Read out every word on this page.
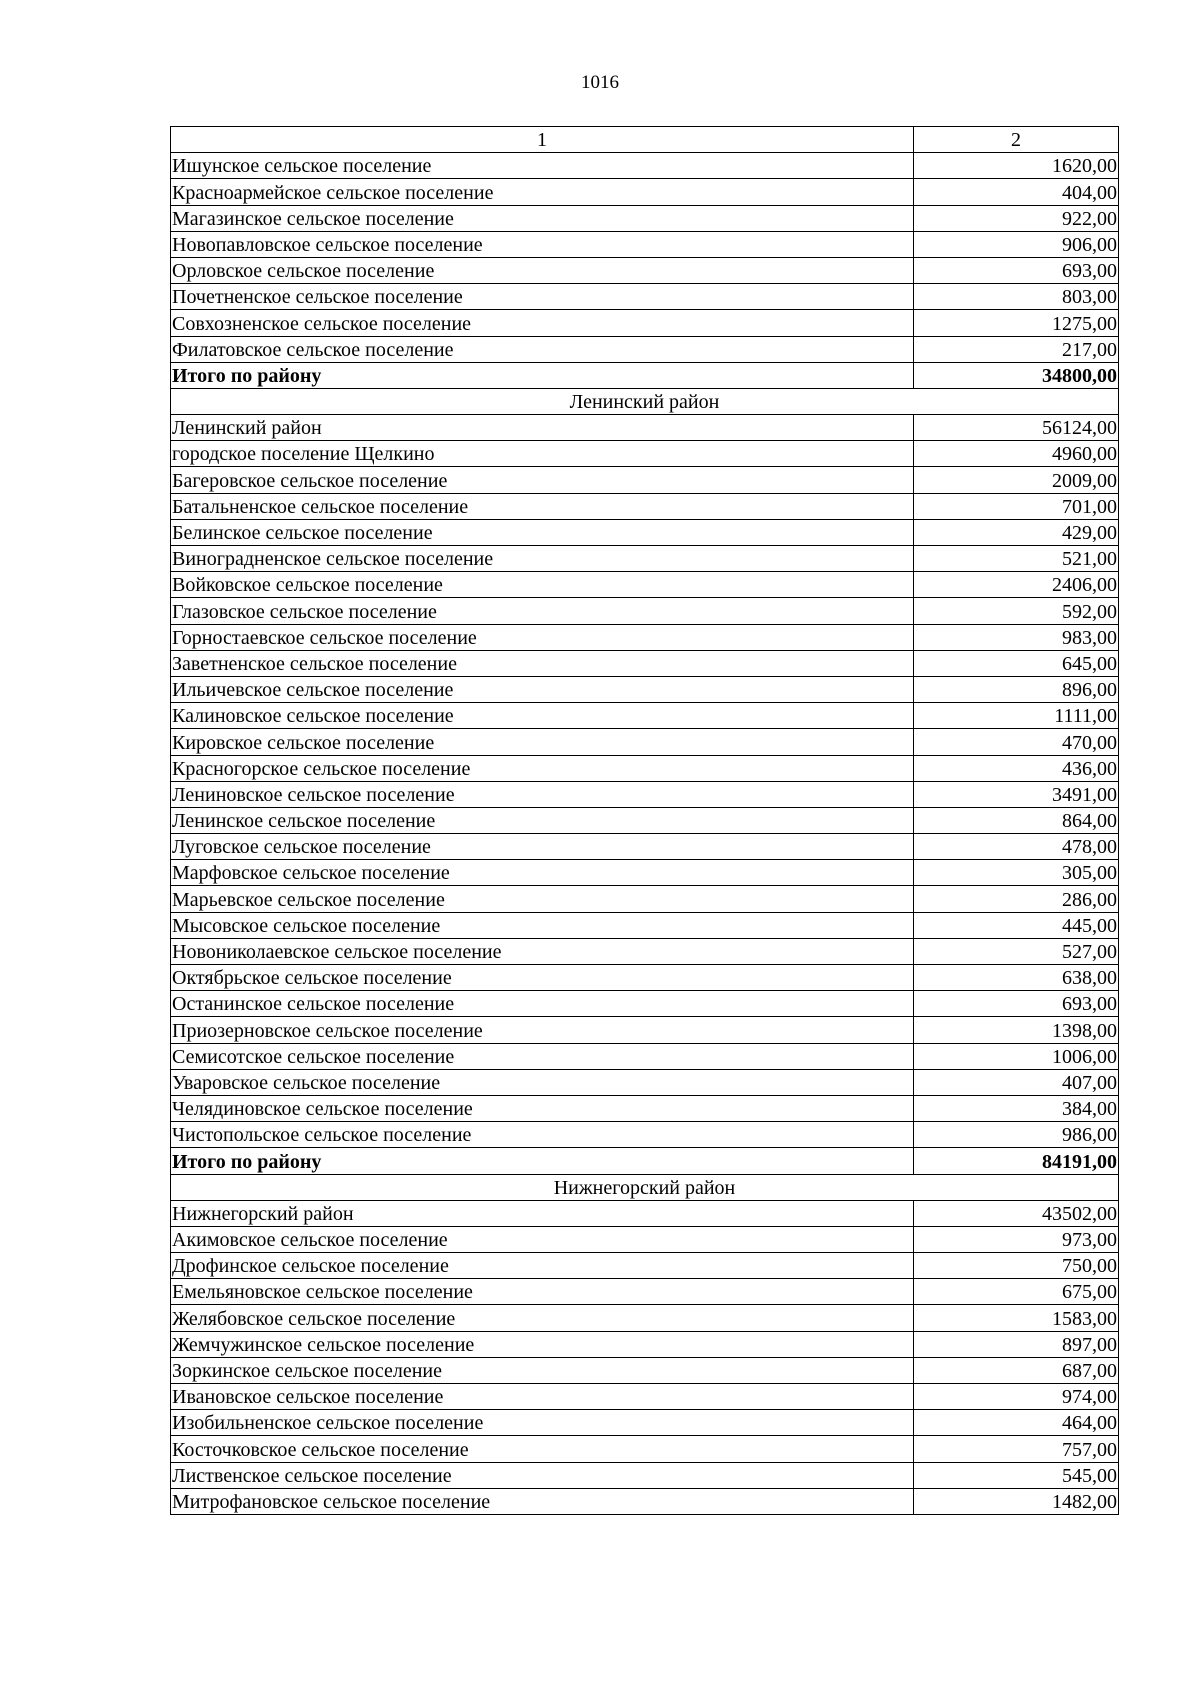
1016
1	2
Ишунское сельское поселение	1620,00
Красноармейское сельское поселение	404,00
Магазинское сельское поселение	922,00
Новопавловское сельское поселение	906,00
Орловское сельское поселение	693,00
Почетненское сельское поселение	803,00
Совхозненское сельское поселение	1275,00
Филатовское сельское поселение	217,00
Итого по району	34800,00
Ленинский район	
Ленинский район	56124,00
городское поселение Щелкино	4960,00
Багеровское сельское поселение	2009,00
Батальненское сельское поселение	701,00
Белинское сельское поселение	429,00
Виноградненское сельское поселение	521,00
Войковское сельское поселение	2406,00
Глазовское сельское поселение	592,00
Горностаевское сельское поселение	983,00
Заветненское сельское поселение	645,00
Ильичевское сельское поселение	896,00
Калиновское сельское поселение	1111,00
Кировское сельское поселение	470,00
Красногорское сельское поселение	436,00
Лениновское сельское поселение	3491,00
Ленинское сельское поселение	864,00
Луговское сельское поселение	478,00
Марфовское сельское поселение	305,00
Марьевское сельское поселение	286,00
Мысовское сельское поселение	445,00
Новониколаевское сельское поселение	527,00
Октябрьское сельское поселение	638,00
Останинское сельское поселение	693,00
Приозерновское сельское поселение	1398,00
Семисотское сельское поселение	1006,00
Уваровское сельское поселение	407,00
Челядиновское сельское поселение	384,00
Чистопольское сельское поселение	986,00
Итого по району	84191,00
Нижнегорский район	
Нижнегорский район	43502,00
Акимовское сельское поселение	973,00
Дрофинское сельское поселение	750,00
Емельяновское сельское поселение	675,00
Желябовское сельское поселение	1583,00
Жемчужинское сельское поселение	897,00
Зоркинское сельское поселение	687,00
Ивановское сельское поселение	974,00
Изобильненское сельское поселение	464,00
Косточковское сельское поселение	757,00
Лиственское сельское поселение	545,00
Митрофановское сельское поселение	1482,00
